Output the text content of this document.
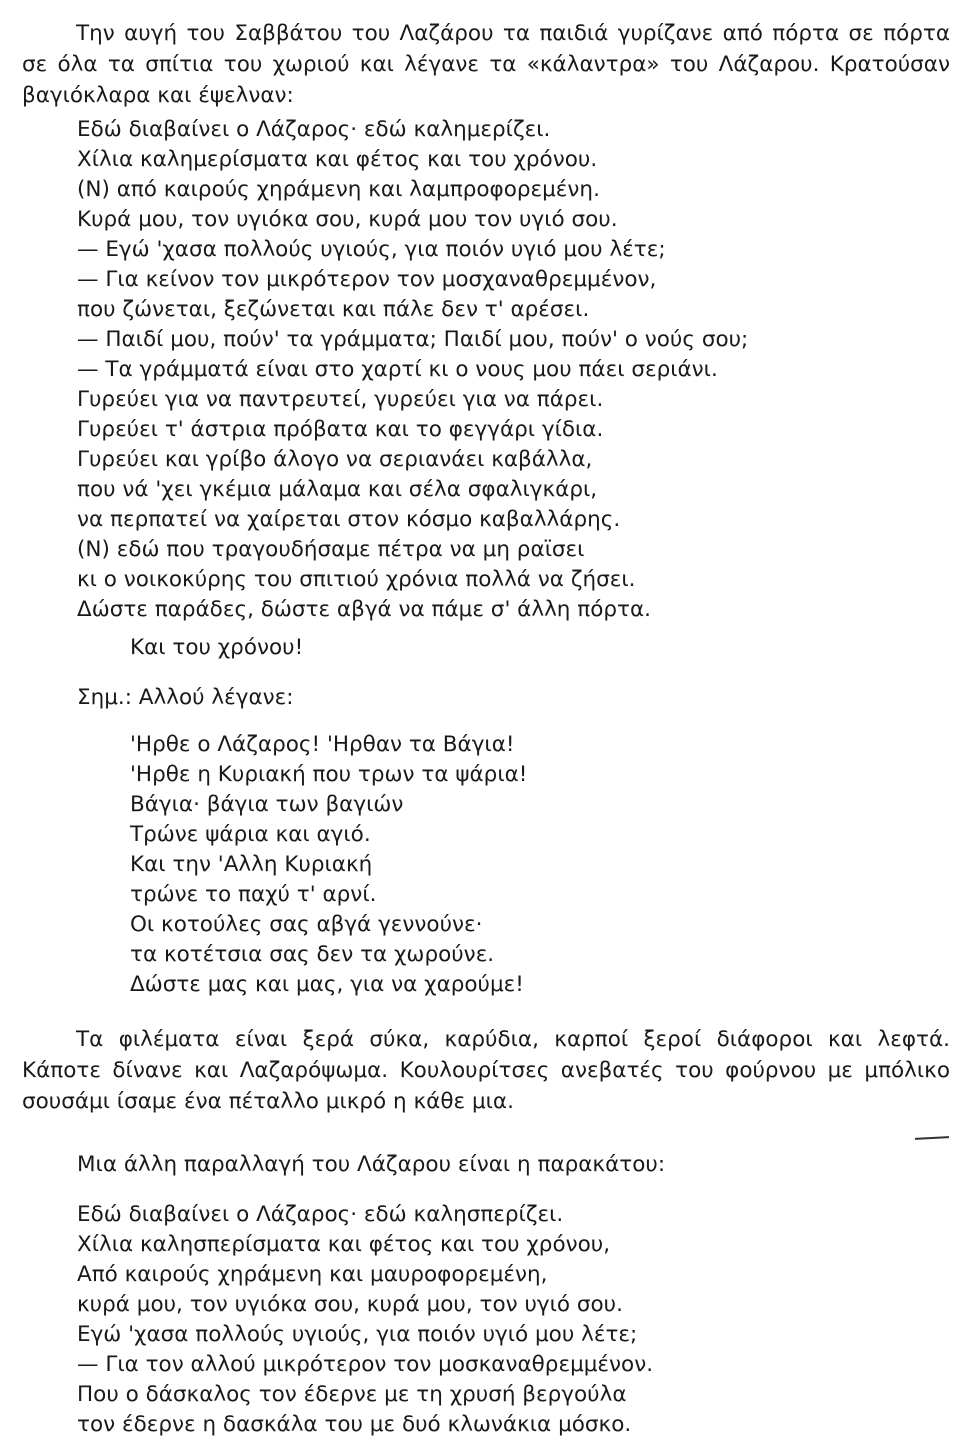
Την αυγή του Σαββάτου του Λαζάρου τα παιδιά γυρίζανε από πόρτα σε πόρτα σε όλα τα σπίτια του χωριού και λέγανε τα «κάλαντρα» του Λάζαρου. Κρατούσαν βαγιόκλαρα και έψελναν:

Εδώ διαβαίνει ο Λάζαρος· εδώ καλημερίζει.
Χίλια καλημερίσματα και φέτος και του χρόνου.
(Ν) από καιρούς χηράμενη και λαμπροφορεμένη.
Κυρά μου, τον υγιόκα σου, κυρά μου τον υγιό σου.
— Εγώ 'χασα πολλούς υγιούς, για ποιόν υγιό μου λέτε;
— Για κείνον τον μικρότερον τον μοσχαναθρεμμένον,
που ζώνεται, ξεζώνεται και πάλε δεν τ' αρέσει.
— Παιδί μου, πούν' τα γράμματα; Παιδί μου, πούν' ο νούς σου;
— Τα γράμματά είναι στο χαρτί κι ο νους μου πάει σεριάνι.
Γυρεύει για να παντρευτεί, γυρεύει για να πάρει.
Γυρεύει τ' άστρια πρόβατα και το φεγγάρι γίδια.
Γυρεύει και γρίβο άλογο να σεριανάει καβάλλα,
που νά 'χει γκέμια μάλαμα και σέλα σφαλιγκάρι,
να περπατεί να χαίρεται στον κόσμο καβαλλάρης.
(Ν) εδώ που τραγουδήσαμε πέτρα να μη ραϊσει
κι ο νοικοκύρης του σπιτιού χρόνια πολλά να ζήσει.
Δώστε παράδες, δώστε αβγά να πάμε σ' άλλη πόρτα.
Και του χρόνου!
Σημ.: Αλλού λέγανε:
'Ηρθε ο Λάζαρος! 'Ηρθαν τα Βάγια!
'Ηρθε η Κυριακή που τρων τα ψάρια!
Βάγια· βάγια των βαγιών
Τρώνε ψάρια και αγιό.
Και την 'Αλλη Κυριακή
τρώνε το παχύ τ' αρνί.
Οι κοτούλες σας αβγά γεννούνε·
τα κοτέτσια σας δεν τα χωρούνε.
Δώστε μας και μας, για να χαρούμε!

Τα φιλέματα είναι ξερά σύκα, καρύδια, καρποί ξεροί διάφοροι και λεφτά. Κάποτε δίνανε και Λαζαρόψωμα. Κουλουρίτσες ανεβατές του φούρνου με μπόλικο σουσάμι ίσαμε ένα πέταλλο μικρό η κάθε μια.

Μια άλλη παραλλαγή του Λάζαρου είναι η παρακάτου:
Εδώ διαβαίνει ο Λάζαρος· εδώ καλησπερίζει.
Χίλια καλησπερίσματα και φέτος και του χρόνου,
Από καιρούς χηράμενη και μαυροφορεμένη,
κυρά μου, τον υγιόκα σου, κυρά μου, τον υγιό σου.
Εγώ 'χασα πολλούς υγιούς, για ποιόν υγιό μου λέτε;
— Για τον αλλού μικρότερον τον μοσκαναθρεμμένον.
Που ο δάσκαλος τον έδερνε με τη χρυσή βεργούλα
τον έδερνε η δασκάλα του με δυό κλωνάκια μόσκο.
